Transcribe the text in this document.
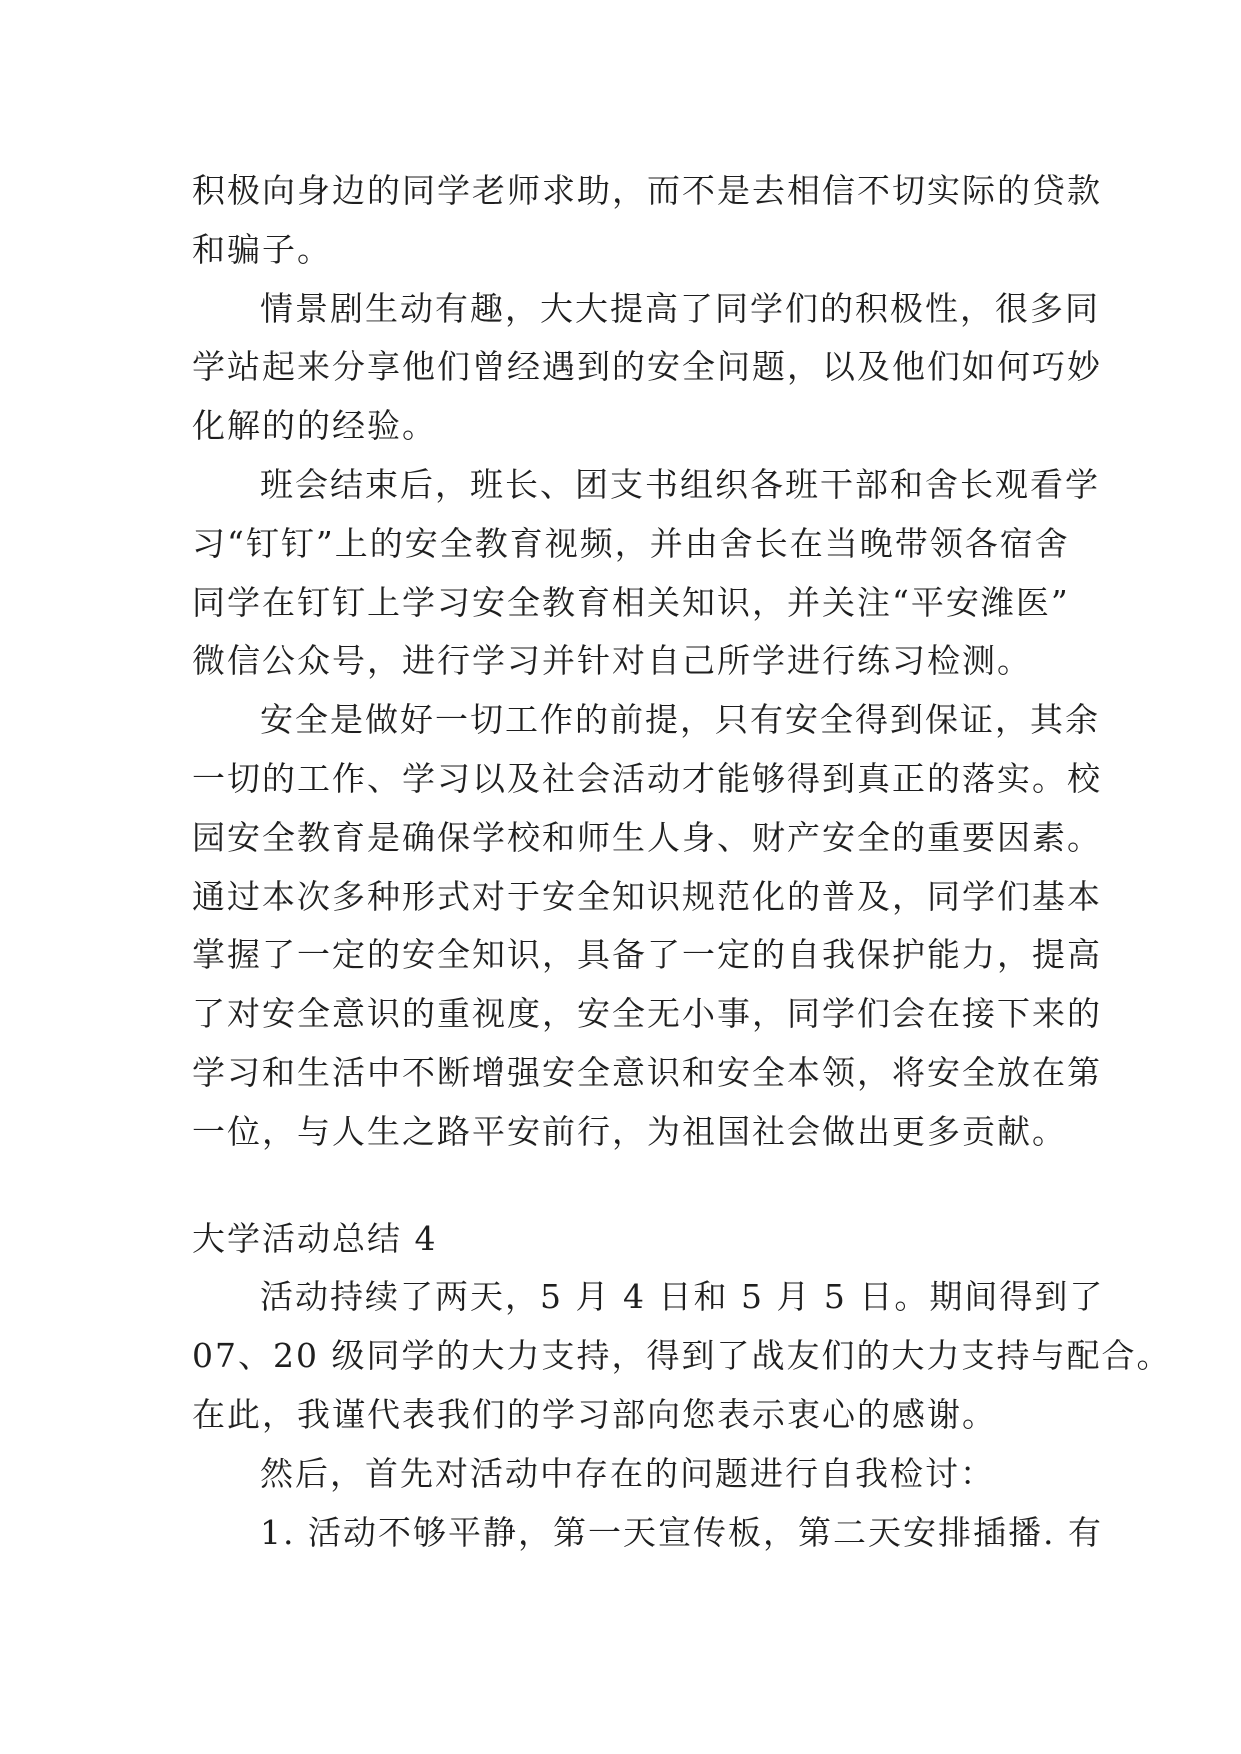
积极向身边的同学老师求助，而不是去相信不切实际的贷款
和骗子。
情景剧生动有趣，大大提高了同学们的积极性，很多同
学站起来分享他们曾经遇到的安全问题，以及他们如何巧妙
化解的的经验。
班会结束后，班长、团支书组织各班干部和舍长观看学
习“钉钉”上的安全教育视频，并由舍长在当晚带领各宿舍
同学在钉钉上学习安全教育相关知识，并关注“平安潍医”
微信公众号，进行学习并针对自己所学进行练习检测。
安全是做好一切工作的前提，只有安全得到保证，其余
一切的工作、学习以及社会活动才能够得到真正的落实。校
园安全教育是确保学校和师生人身、财产安全的重要因素。
通过本次多种形式对于安全知识规范化的普及，同学们基本
掌握了一定的安全知识，具备了一定的自我保护能力，提高
了对安全意识的重视度，安全无小事，同学们会在接下来的
学习和生活中不断增强安全意识和安全本领，将安全放在第
一位，与人生之路平安前行，为祖国社会做出更多贡献。
大学活动总结 4
活动持续了两天，5 月 4 日和 5 月 5 日。期间得到了
07、20 级同学的大力支持，得到了战友们的大力支持与配合。
在此，我谨代表我们的学习部向您表示衷心的感谢。
然后，首先对活动中存在的问题进行自我检讨：
1. 活动不够平静，第一天宣传板，第二天安排插播. 有
